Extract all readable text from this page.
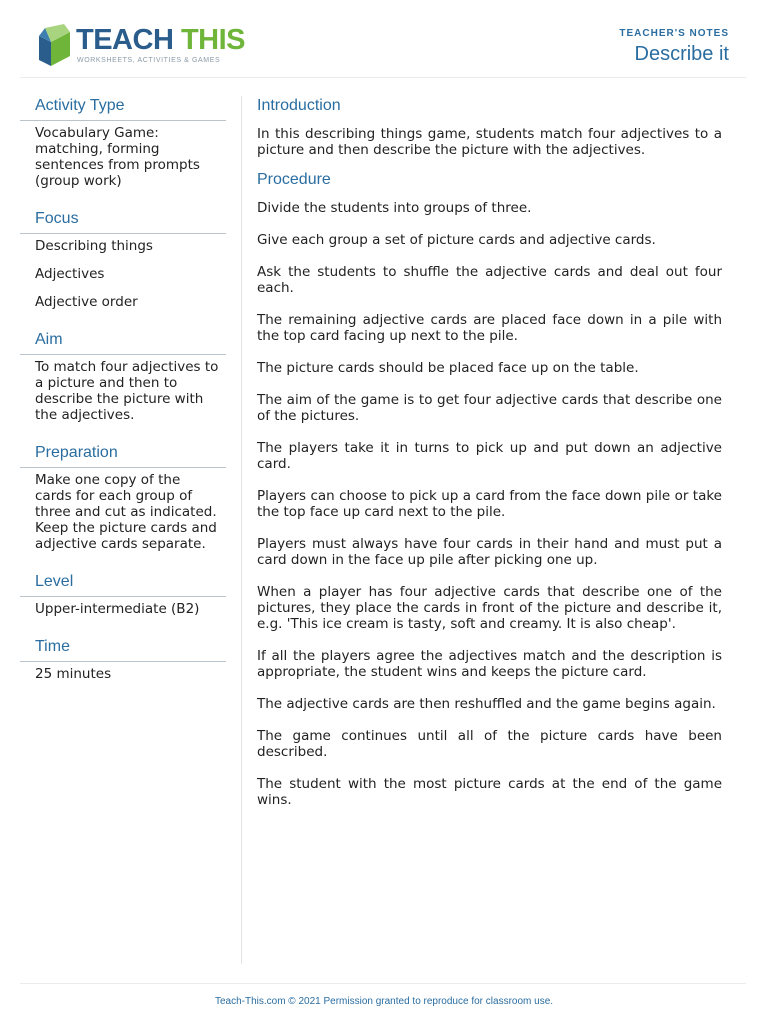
TEACH THIS
WORKSHEETS, ACTIVITIES & GAMES
TEACHER'S NOTES
Describe it
Activity Type

Vocabulary Game: matching, forming sentences from prompts (group work)

Focus

Describing things

Adjectives

Adjective order

Aim

To match four adjectives to a picture and then to describe the picture with the adjectives.

Preparation

Make one copy of the cards for each group of three and cut as indicated. Keep the picture cards and adjective cards separate.

Level

Upper-intermediate (B2)

Time

25 minutes

Introduction

In this describing things game, students match four adjectives to a picture and then describe the picture with the adjectives.

Procedure

Divide the students into groups of three.

Give each group a set of picture cards and adjective cards.

Ask the students to shuffle the adjective cards and deal out four each.

The remaining adjective cards are placed face down in a pile with the top card facing up next to the pile.

The picture cards should be placed face up on the table.

The aim of the game is to get four adjective cards that describe one of the pictures.

The players take it in turns to pick up and put down an adjective card.

Players can choose to pick up a card from the face down pile or take the top face up card next to the pile.

Players must always have four cards in their hand and must put a card down in the face up pile after picking one up.

When a player has four adjective cards that describe one of the pictures, they place the cards in front of the picture and describe it, e.g. 'This ice cream is tasty, soft and creamy. It is also cheap'.

If all the players agree the adjectives match and the description is appropriate, the student wins and keeps the picture card.

The adjective cards are then reshuffled and the game begins again.

The game continues until all of the picture cards have been described.

The student with the most picture cards at the end of the game wins.

Teach-This.com © 2021 Permission granted to reproduce for classroom use.
